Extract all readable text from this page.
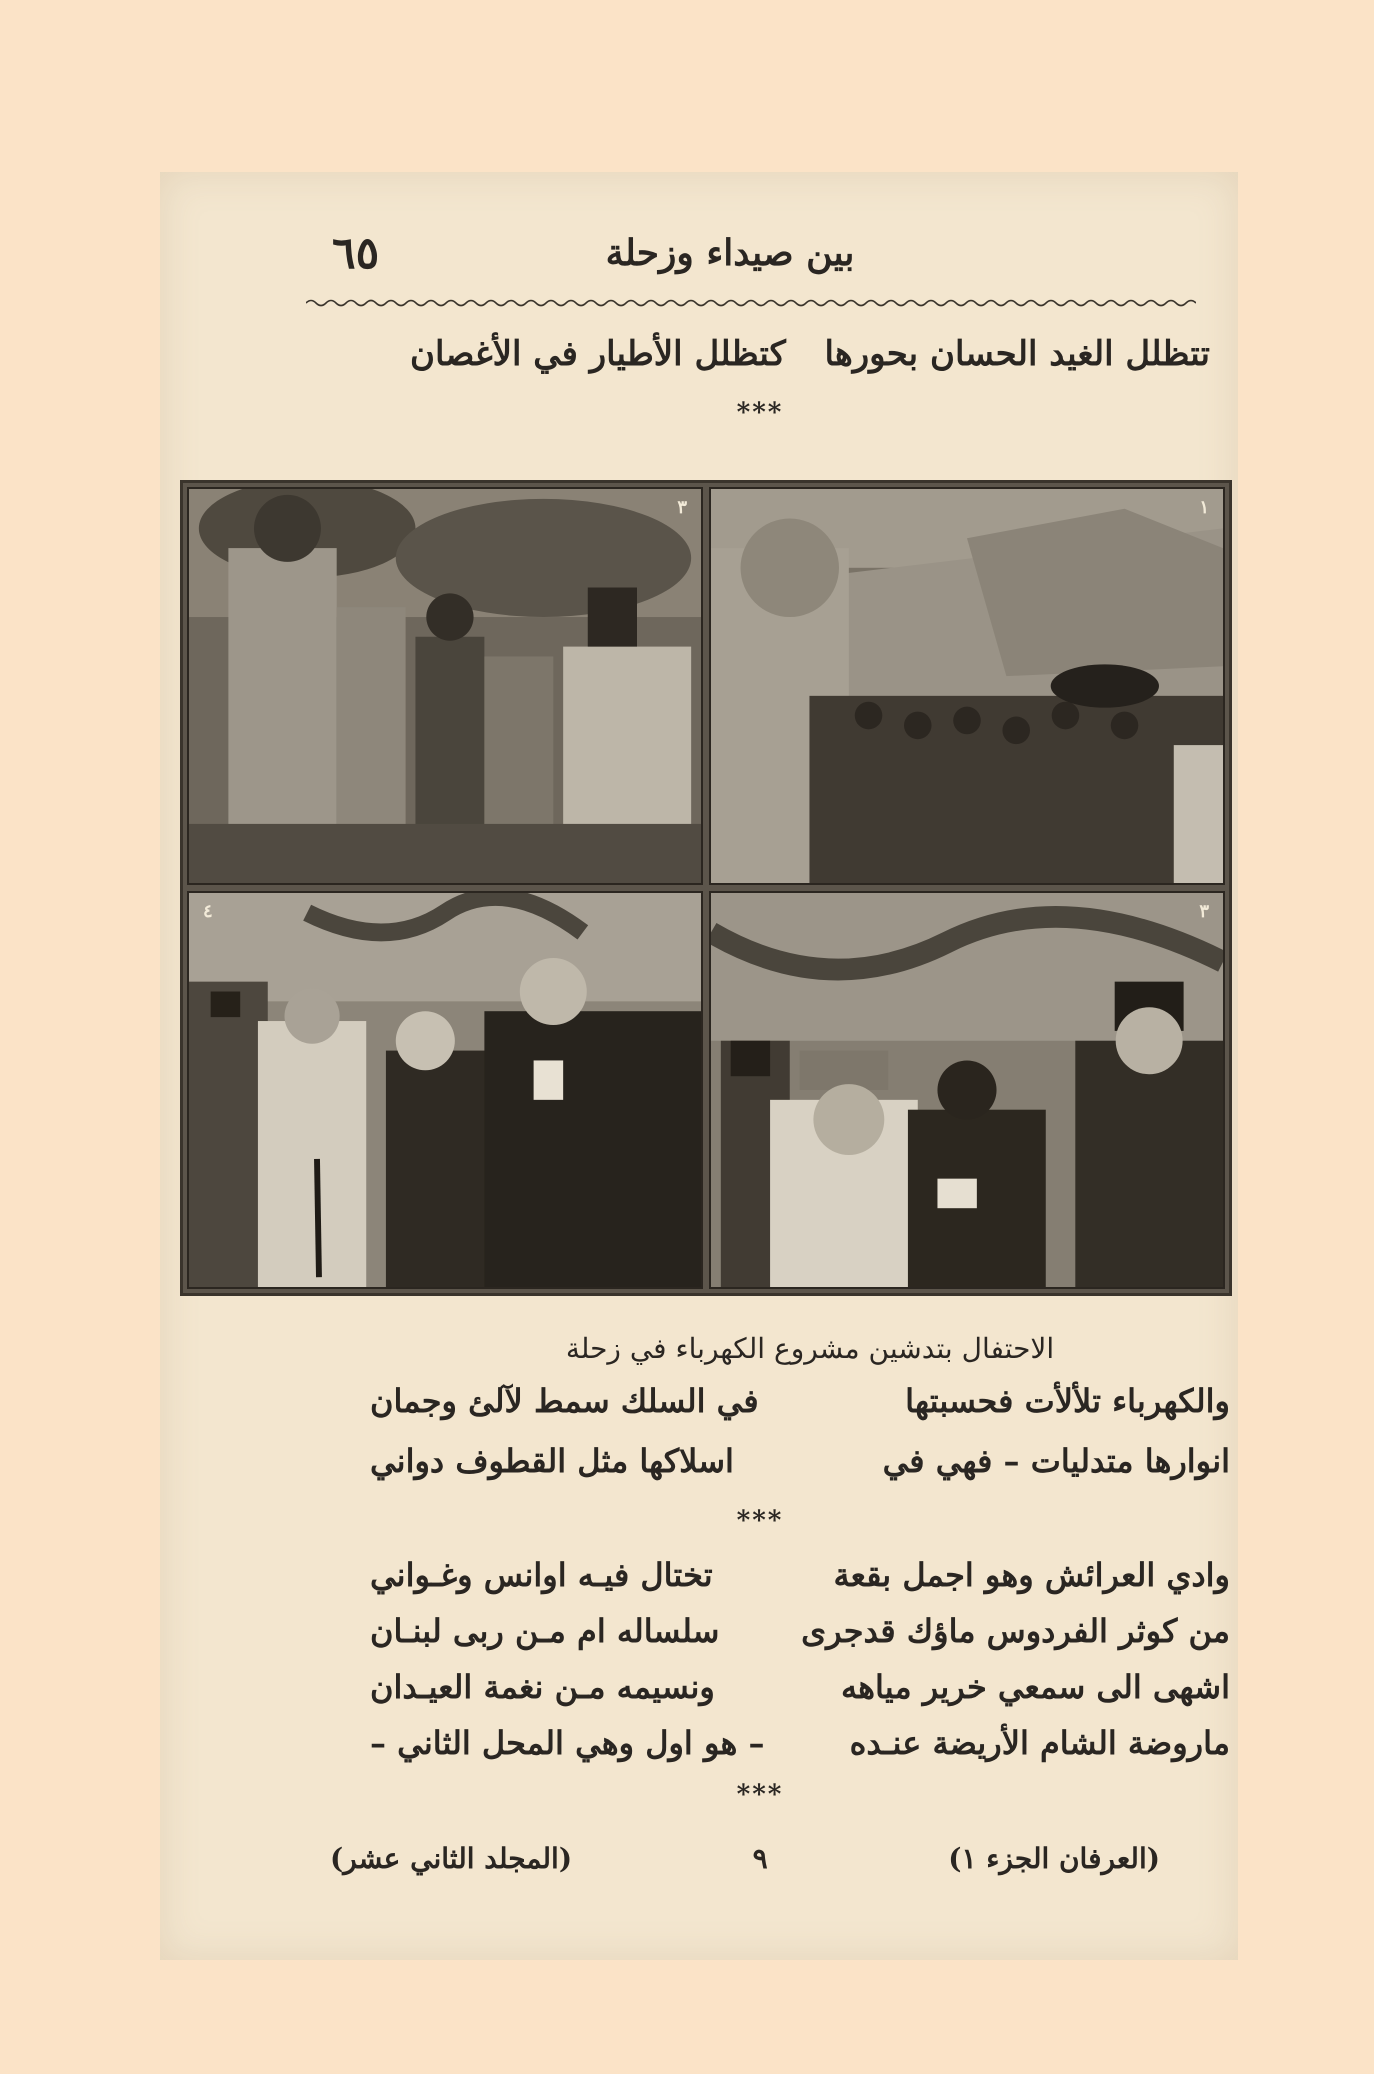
٦٥	بين صيداء وزحلة
تتظلل الغيد الحسان بحورها
كتظلل الأطيار في الأغصان
***
٣	١
٤	٣
الاحتفال بتدشين مشروع الكهرباء في زحلة
والكهرباء تلألأت فحسبتها
في السلك سمط لآلئ وجمان
انوارها متدليات – فهي في
اسلاكها مثل القطوف دواني
***
وادي العرائش وهو اجمل بقعة
تختال فيـه اوانس وغـواني
من كوثر الفردوس ماؤك قدجرى
سلساله ام مـن ربى لبنـان
اشهى الى سمعي خرير مياهه
ونسيمه مـن نغمة العيـدان
ماروضة الشام الأريضة عنـده
– هو اول وهي المحل الثاني –
***
(العرفان الجزء ١)
٩
(المجلد الثاني عشر)
